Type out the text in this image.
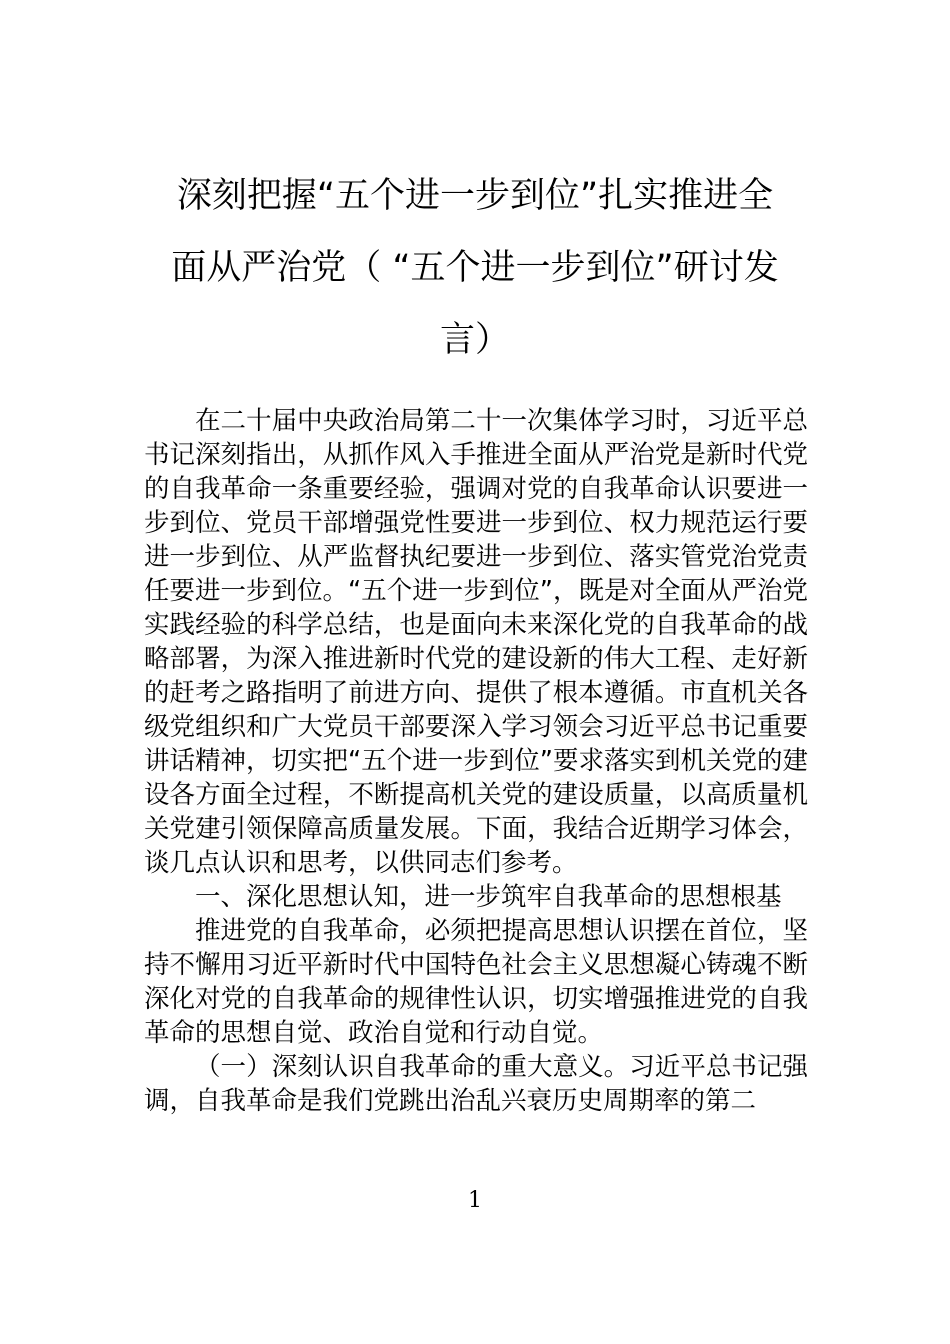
深刻把握“五个进一步到位”扎实推进全
面从严治党（ “五个进一步到位”研讨发
言）

在二十届中央政治局第二十一次集体学习时，习近平总书记深刻指出，从抓作风入手推进全面从严治党是新时代党的自我革命一条重要经验，强调对党的自我革命认识要进一步到位、党员干部增强党性要进一步到位、权力规范运行要进一步到位、从严监督执纪要进一步到位、落实管党治党责任要进一步到位。“五个进一步到位”，既是对全面从严治党实践经验的科学总结，也是面向未来深化党的自我革命的战略部署，为深入推进新时代党的建设新的伟大工程、走好新的赶考之路指明了前进方向、提供了根本遵循。市直机关各级党组织和广大党员干部要深入学习领会习近平总书记重要讲话精神，切实把“五个进一步到位”要求落实到机关党的建设各方面全过程，不断提高机关党的建设质量，以高质量机关党建引领保障高质量发展。下面，我结合近期学习体会，谈几点认识和思考，以供同志们参考。

一、深化思想认知，进一步筑牢自我革命的思想根基

推进党的自我革命，必须把提高思想认识摆在首位，坚持不懈用习近平新时代中国特色社会主义思想凝心铸魂不断深化对党的自我革命的规律性认识，切实增强推进党的自我革命的思想自觉、政治自觉和行动自觉。

（一）深刻认识自我革命的重大意义。习近平总书记强调，自我革命是我们党跳出治乱兴衰历史周期率的第二

1
